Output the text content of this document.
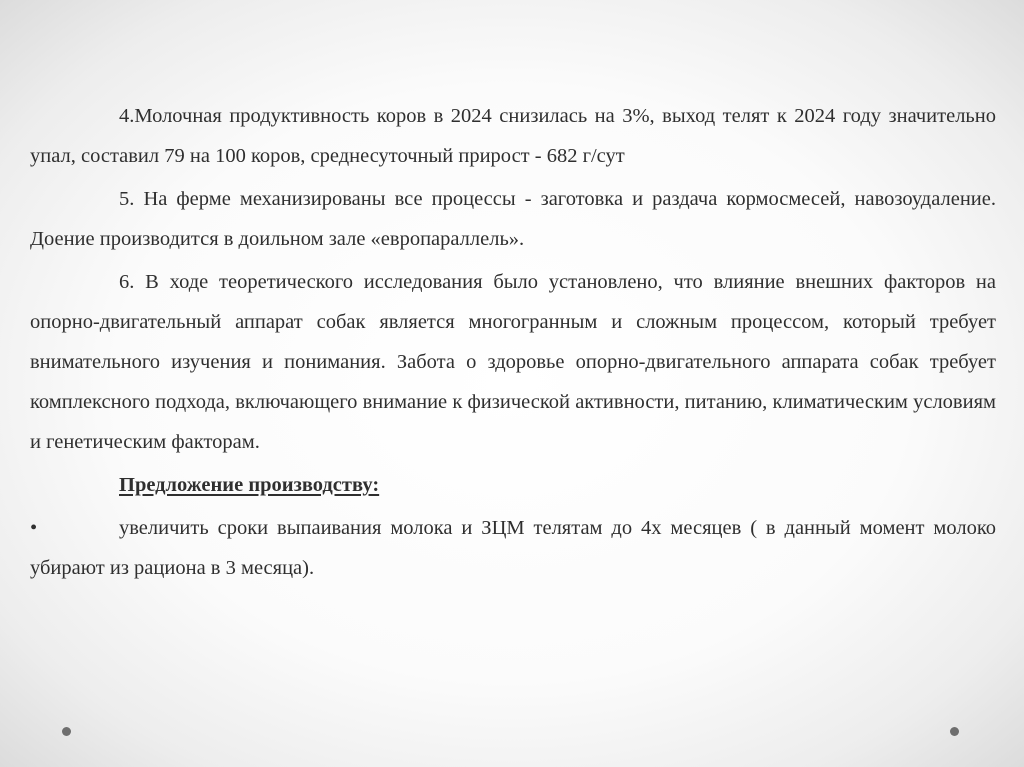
4.Молочная продуктивность коров в 2024 снизилась на 3%, выход телят к 2024 году значительно упал, составил 79 на 100 коров, среднесуточный прирост - 682 г/сут

5. На ферме механизированы все процессы - заготовка и раздача кормосмесей, навозоудаление. Доение производится в доильном зале «европараллель».

6. В ходе теоретического исследования было установлено, что влияние внешних факторов на опорно-двигательный аппарат собак является многогранным и сложным процессом, который требует внимательного изучения и понимания. Забота о здоровье опорно-двигательного аппарата собак требует комплексного подхода, включающего внимание к физической активности, питанию, климатическим условиям и генетическим факторам.

Предложение производству:

•	увеличить сроки выпаивания молока и ЗЦМ телятам до 4х месяцев ( в данный момент молоко убирают из рациона в 3 месяца).
